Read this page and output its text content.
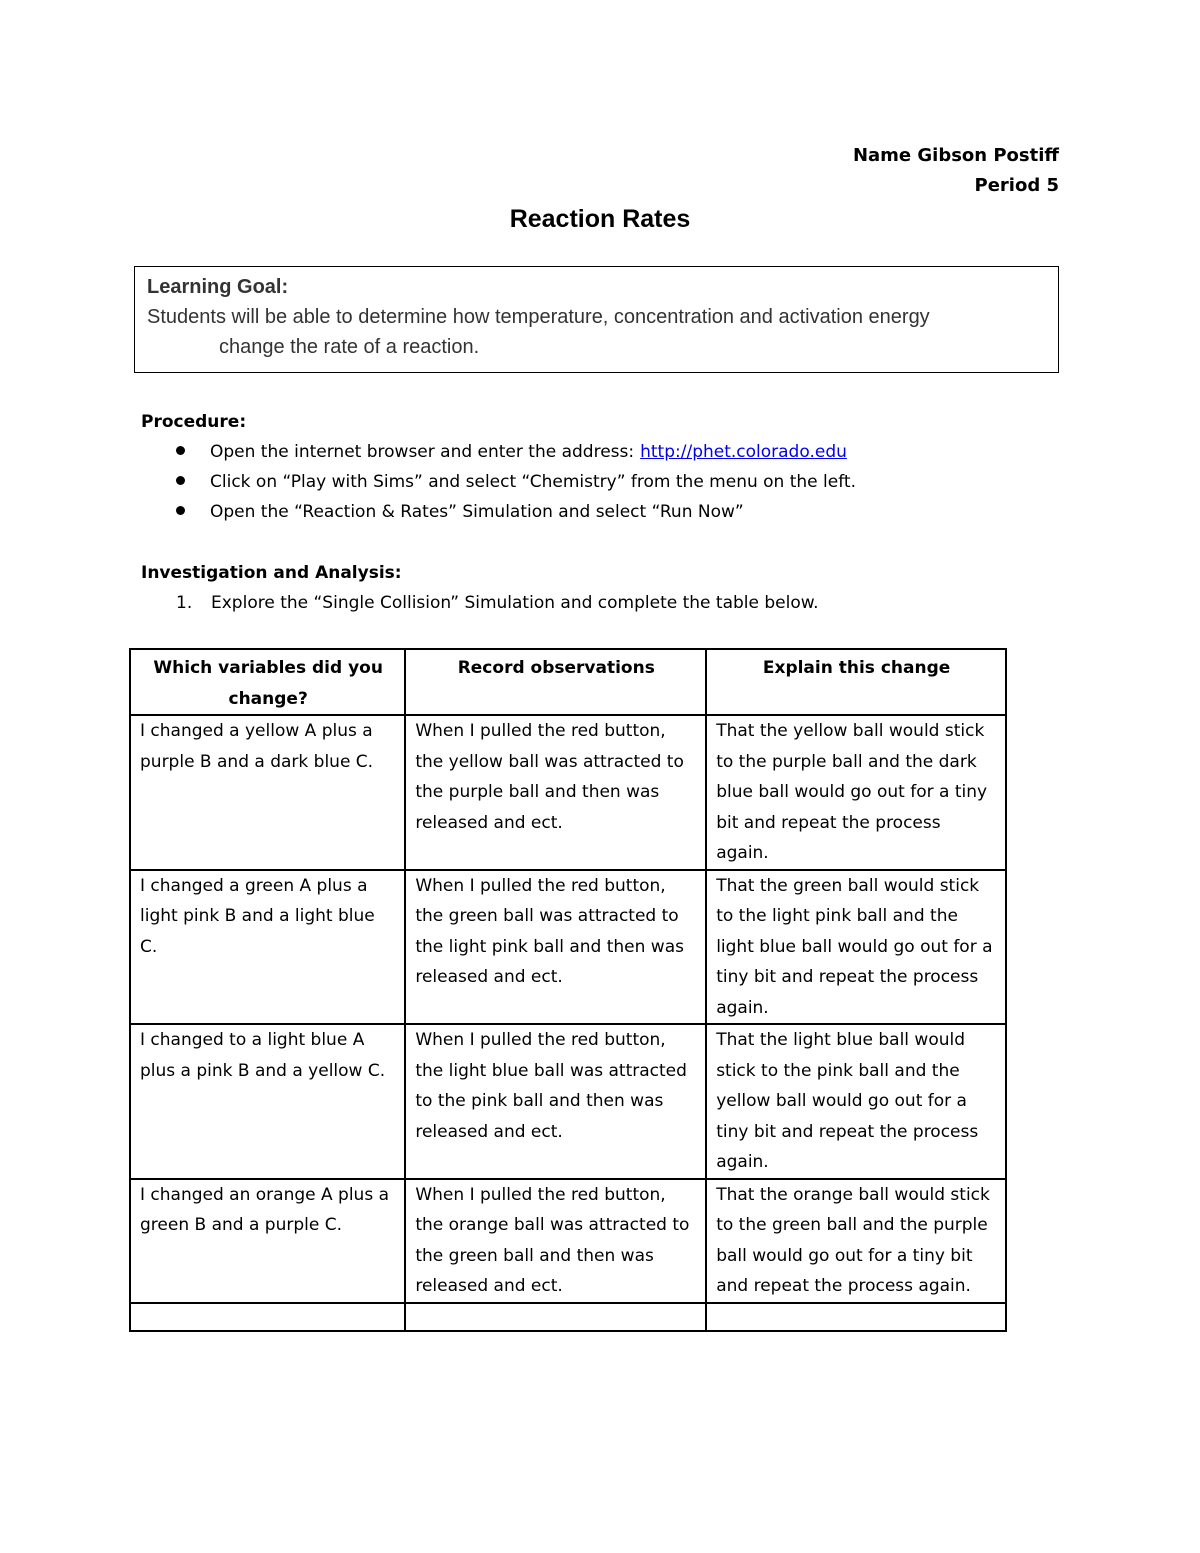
Name Gibson Postiff
Period 5
Reaction Rates
Learning Goal:
Students will be able to determine how temperature, concentration and activation energy
change the rate of a reaction.
Procedure:
Open the internet browser and enter the address: http://phet.colorado.edu
Click on “Play with Sims” and select “Chemistry” from the menu on the left.
Open the “Reaction & Rates” Simulation and select “Run Now”
Investigation and Analysis:
1. Explore the “Single Collision” Simulation and complete the table below.
Which variables did you change?	Record observations	Explain this change
I changed a yellow A plus a purple B and a dark blue C.	When I pulled the red button, the yellow ball was attracted to the purple ball and then was released and ect.	That the yellow ball would stick to the purple ball and the dark blue ball would go out for a tiny bit and repeat the process again.
I changed a green A plus a light pink B and a light blue C.	When I pulled the red button, the green ball was attracted to the light pink ball and then was released and ect.	That the green ball would stick to the light pink ball and the light blue ball would go out for a tiny bit and repeat the process again.
I changed to a light blue A plus a pink B and a yellow C.	When I pulled the red button, the light blue ball was attracted to the pink ball and then was released and ect.	That the light blue ball would stick to the pink ball and the yellow ball would go out for a tiny bit and repeat the process again.
I changed an orange A plus a green B and a purple C.	When I pulled the red button, the orange ball was attracted to the green ball and then was released and ect.	That the orange ball would stick to the green ball and the purple ball would go out for a tiny bit and repeat the process again.
